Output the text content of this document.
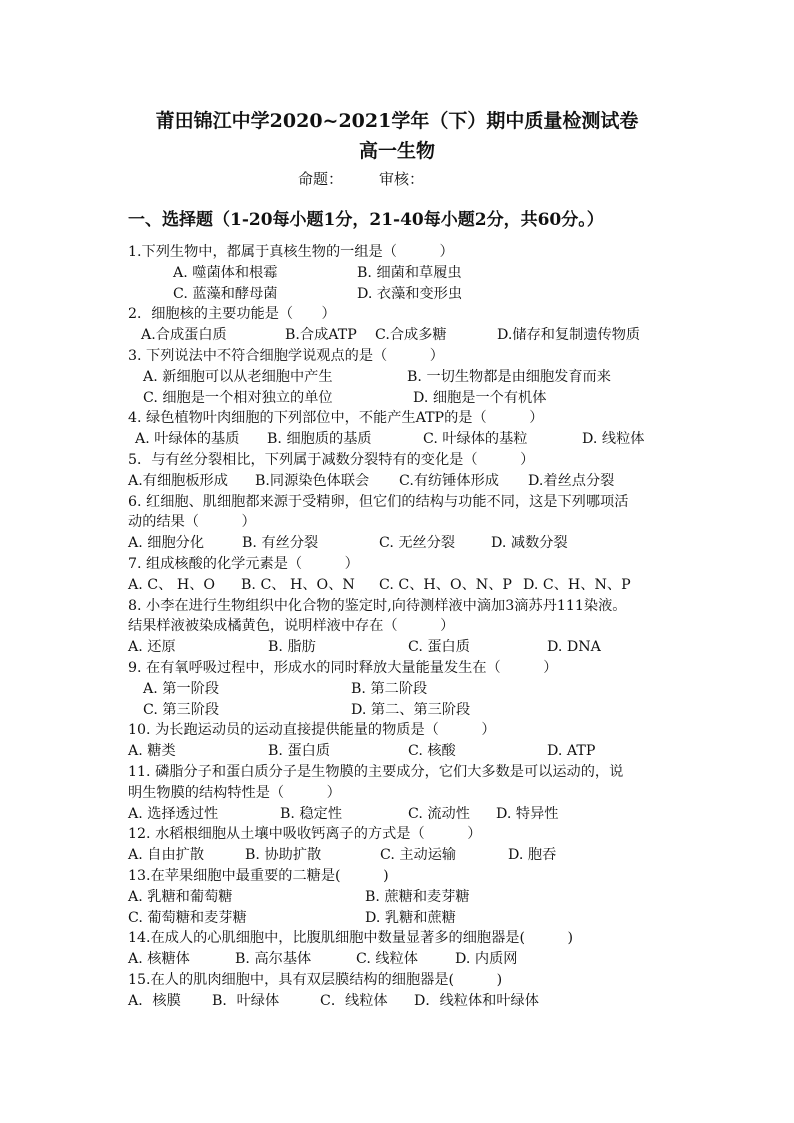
莆田锦江中学2020~2021学年（下）期中质量检测试卷
高一生物
命题： 审核：
一、选择题（1-20每小题1分，21-40每小题2分，共60分。）
1.下列生物中，都属于真核生物的一组是（　　　）
A. 噬菌体和根霉	B. 细菌和草履虫
C. 蓝藻和酵母菌	D. 衣藻和变形虫
2．细胞核的主要功能是（　　）
A.合成蛋白质	B.合成ATP C.合成多糖	D.储存和复制遗传物质
3. 下列说法中不符合细胞学说观点的是（　　　）
A. 新细胞可以从老细胞中产生	B. 一切生物都是由细胞发育而来
C. 细胞是一个相对独立的单位	D. 细胞是一个有机体
4. 绿色植物叶肉细胞的下列部位中，不能产生ATP的是（　　　）
A. 叶绿体的基质 B. 细胞质的基质	C. 叶绿体的基粒	D. 线粒体
5．与有丝分裂相比，下列属于减数分裂特有的变化是（　　　）
A.有细胞板形成 B.同源染色体联会 C.有纺锤体形成 D.着丝点分裂
6. 红细胞、肌细胞都来源于受精卵，但它们的结构与功能不同，这是下列哪项活
动的结果（　　　）
A. 细胞分化	B. 有丝分裂	C. 无丝分裂	D. 减数分裂
7. 组成核酸的化学元素是（　　　）
A. C、 H、O B. C、 H、O、N C. C、H、O、N、P D. C、H、N、P
8. 小李在进行生物组织中化合物的鉴定时,向待测样液中滴加3滴苏丹111染液。
结果样液被染成橘黄色，说明样液中存在（　　　）
A. 还原	B. 脂肪	C. 蛋白质	D. DNA
9. 在有氧呼吸过程中，形成水的同时释放大量能量发生在（　　　）
A. 第一阶段	B. 第二阶段
C. 第三阶段	D. 第二、第三阶段
10. 为长跑运动员的运动直接提供能量的物质是（　　　）
A. 糖类	B. 蛋白质	C. 核酸	D. ATP
11. 磷脂分子和蛋白质分子是生物膜的主要成分，它们大多数是可以运动的，说
明生物膜的结构特性是（　　　）
A. 选择透过性	B. 稳定性	C. 流动性 D. 特异性
12. 水稻根细胞从土壤中吸收钙离子的方式是（　　　）
A. 自由扩散	B. 协助扩散	C. 主动运输	D. 胞吞
13.在苹果细胞中最重要的二糖是(　　　)
A. 乳糖和葡萄糖	B. 蔗糖和麦芽糖
C. 葡萄糖和麦芽糖	D. 乳糖和蔗糖
14.在成人的心肌细胞中，比腹肌细胞中数量显著多的细胞器是(　　　)
A. 核糖体	B. 高尔基体	C. 线粒体	D. 内质网
15.在人的肌肉细胞中，具有双层膜结构的细胞器是(　　　)
A．核膜 B．叶绿体	C．线粒体 D．线粒体和叶绿体
